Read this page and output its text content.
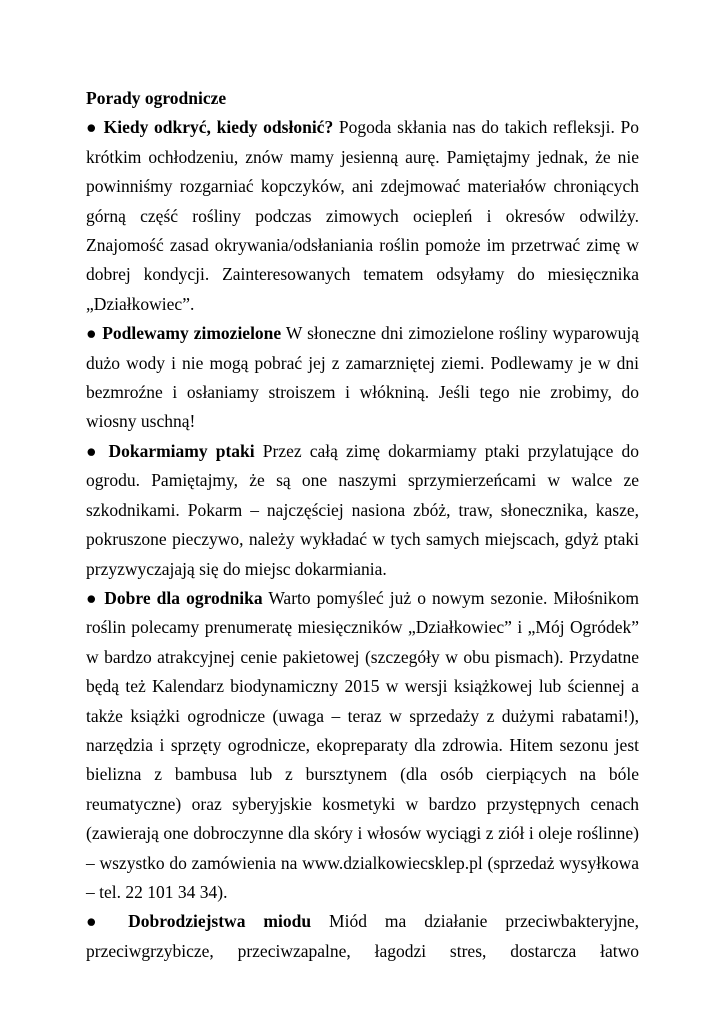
Porady ogrodnicze

● Kiedy odkryć, kiedy odsłonić? Pogoda skłania nas do takich refleksji. Po krótkim ochłodzeniu, znów mamy jesienną aurę. Pamiętajmy jednak, że nie powinniśmy rozgarniać kopczyków, ani zdejmować materiałów chroniących górną część rośliny podczas zimowych ociepleń i okresów odwilży. Znajomość zasad okrywania/odsłaniania roślin pomoże im przetrwać zimę w dobrej kondycji. Zainteresowanych tematem odsyłamy do miesięcznika „Działkowiec”.

● Podlewamy zimozielone W słoneczne dni zimozielone rośliny wyparowują dużo wody i nie mogą pobrać jej z zamarzniętej ziemi. Podlewamy je w dni bezmroźne i osłaniamy stroiszem i włókniną. Jeśli tego nie zrobimy, do wiosny uschną!

● Dokarmiamy ptaki Przez całą zimę dokarmiamy ptaki przylatujące do ogrodu. Pamiętajmy, że są one naszymi sprzymierzeńcami w walce ze szkodnikami. Pokarm – najczęściej nasiona zbóż, traw, słonecznika, kasze, pokruszone pieczywo, należy wykładać w tych samych miejscach, gdyż ptaki przyzwyczajają się do miejsc dokarmiania.

● Dobre dla ogrodnika Warto pomyśleć już o nowym sezonie. Miłośnikom roślin polecamy prenumeratę miesięczników „Działkowiec” i „Mój Ogródek” w bardzo atrakcyjnej cenie pakietowej (szczegóły w obu pismach). Przydatne będą też Kalendarz biodynamiczny 2015 w wersji książkowej lub ściennej a także książki ogrodnicze (uwaga – teraz w sprzedaży z dużymi rabatami!), narzędzia i sprzęty ogrodnicze, ekopreparaty dla zdrowia. Hitem sezonu jest bielizna z bambusa lub z bursztynem (dla osób cierpiących na bóle reumatyczne) oraz syberyjskie kosmetyki w bardzo przystępnych cenach (zawierają one dobroczynne dla skóry i włosów wyciągi z ziół i oleje roślinne) – wszystko do zamówienia na www.dzialkowiecsklep.pl (sprzedaż wysyłkowa – tel. 22 101 34 34).

● Dobrodziejstwa miodu Miód ma działanie przeciwbakteryjne, przeciwgrzybicze, przeciwzapalne, łagodzi stres, dostarcza łatwo
